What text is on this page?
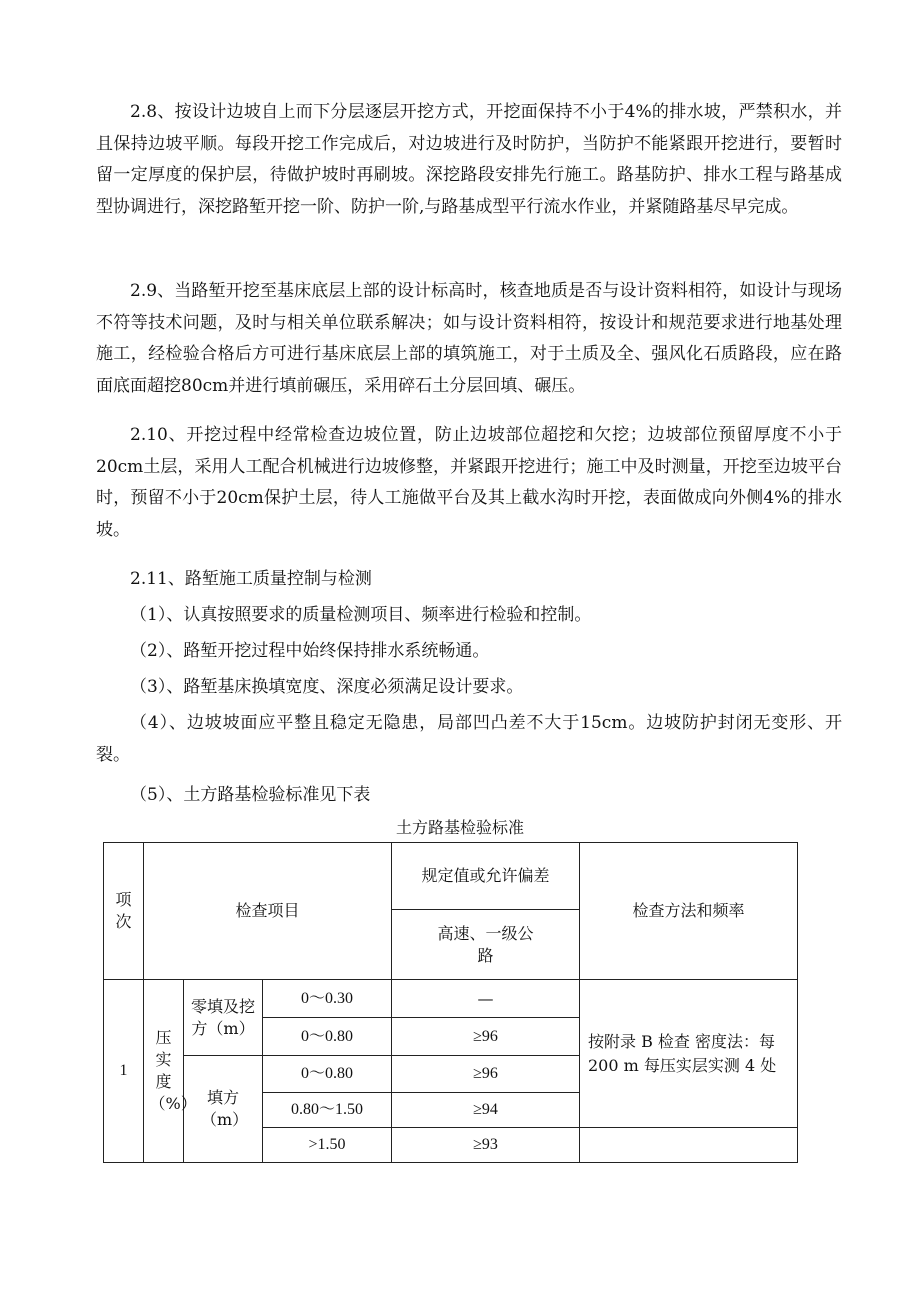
2.8、按设计边坡自上而下分层逐层开挖方式，开挖面保持不小于4%的排水坡，严禁积水，并且保持边坡平顺。每段开挖工作完成后，对边坡进行及时防护，当防护不能紧跟开挖进行，要暂时留一定厚度的保护层，待做护坡时再刷坡。深挖路段安排先行施工。路基防护、排水工程与路基成型协调进行，深挖路堑开挖一阶、防护一阶,与路基成型平行流水作业，并紧随路基尽早完成。

2.9、当路堑开挖至基床底层上部的设计标高时，核查地质是否与设计资料相符，如设计与现场不符等技术问题，及时与相关单位联系解决；如与设计资料相符，按设计和规范要求进行地基处理施工，经检验合格后方可进行基床底层上部的填筑施工，对于土质及全、强风化石质路段，应在路面底面超挖80cm并进行填前碾压，采用碎石土分层回填、碾压。

2.10、开挖过程中经常检查边坡位置，防止边坡部位超挖和欠挖；边坡部位预留厚度不小于20cm土层，采用人工配合机械进行边坡修整，并紧跟开挖进行；施工中及时测量，开挖至边坡平台时，预留不小于20cm保护土层，待人工施做平台及其上截水沟时开挖，表面做成向外侧4%的排水坡。

2.11、路堑施工质量控制与检测

（1）、认真按照要求的质量检测项目、频率进行检验和控制。

（2）、路堑开挖过程中始终保持排水系统畅通。

（3）、路堑基床换填宽度、深度必须满足设计要求。

（4）、边坡坡面应平整且稳定无隐患，局部凹凸差不大于15cm。边坡防护封闭无变形、开裂。

（5）、土方路基检验标准见下表

土方路基检验标准
项次	检查项目			规定值或允许偏差	检查方法和频率

				高速、一级公路	

1	压实度（%）	零填及挖方（m）	0～0.30	—	按附录 B 检查 密度法：每 200 m 每压实层实测 4 处
			0～0.80	≥96	

		填方（m）	0～0.80	≥96	
			0.80～1.50	≥94	
			>1.50	≥93	
